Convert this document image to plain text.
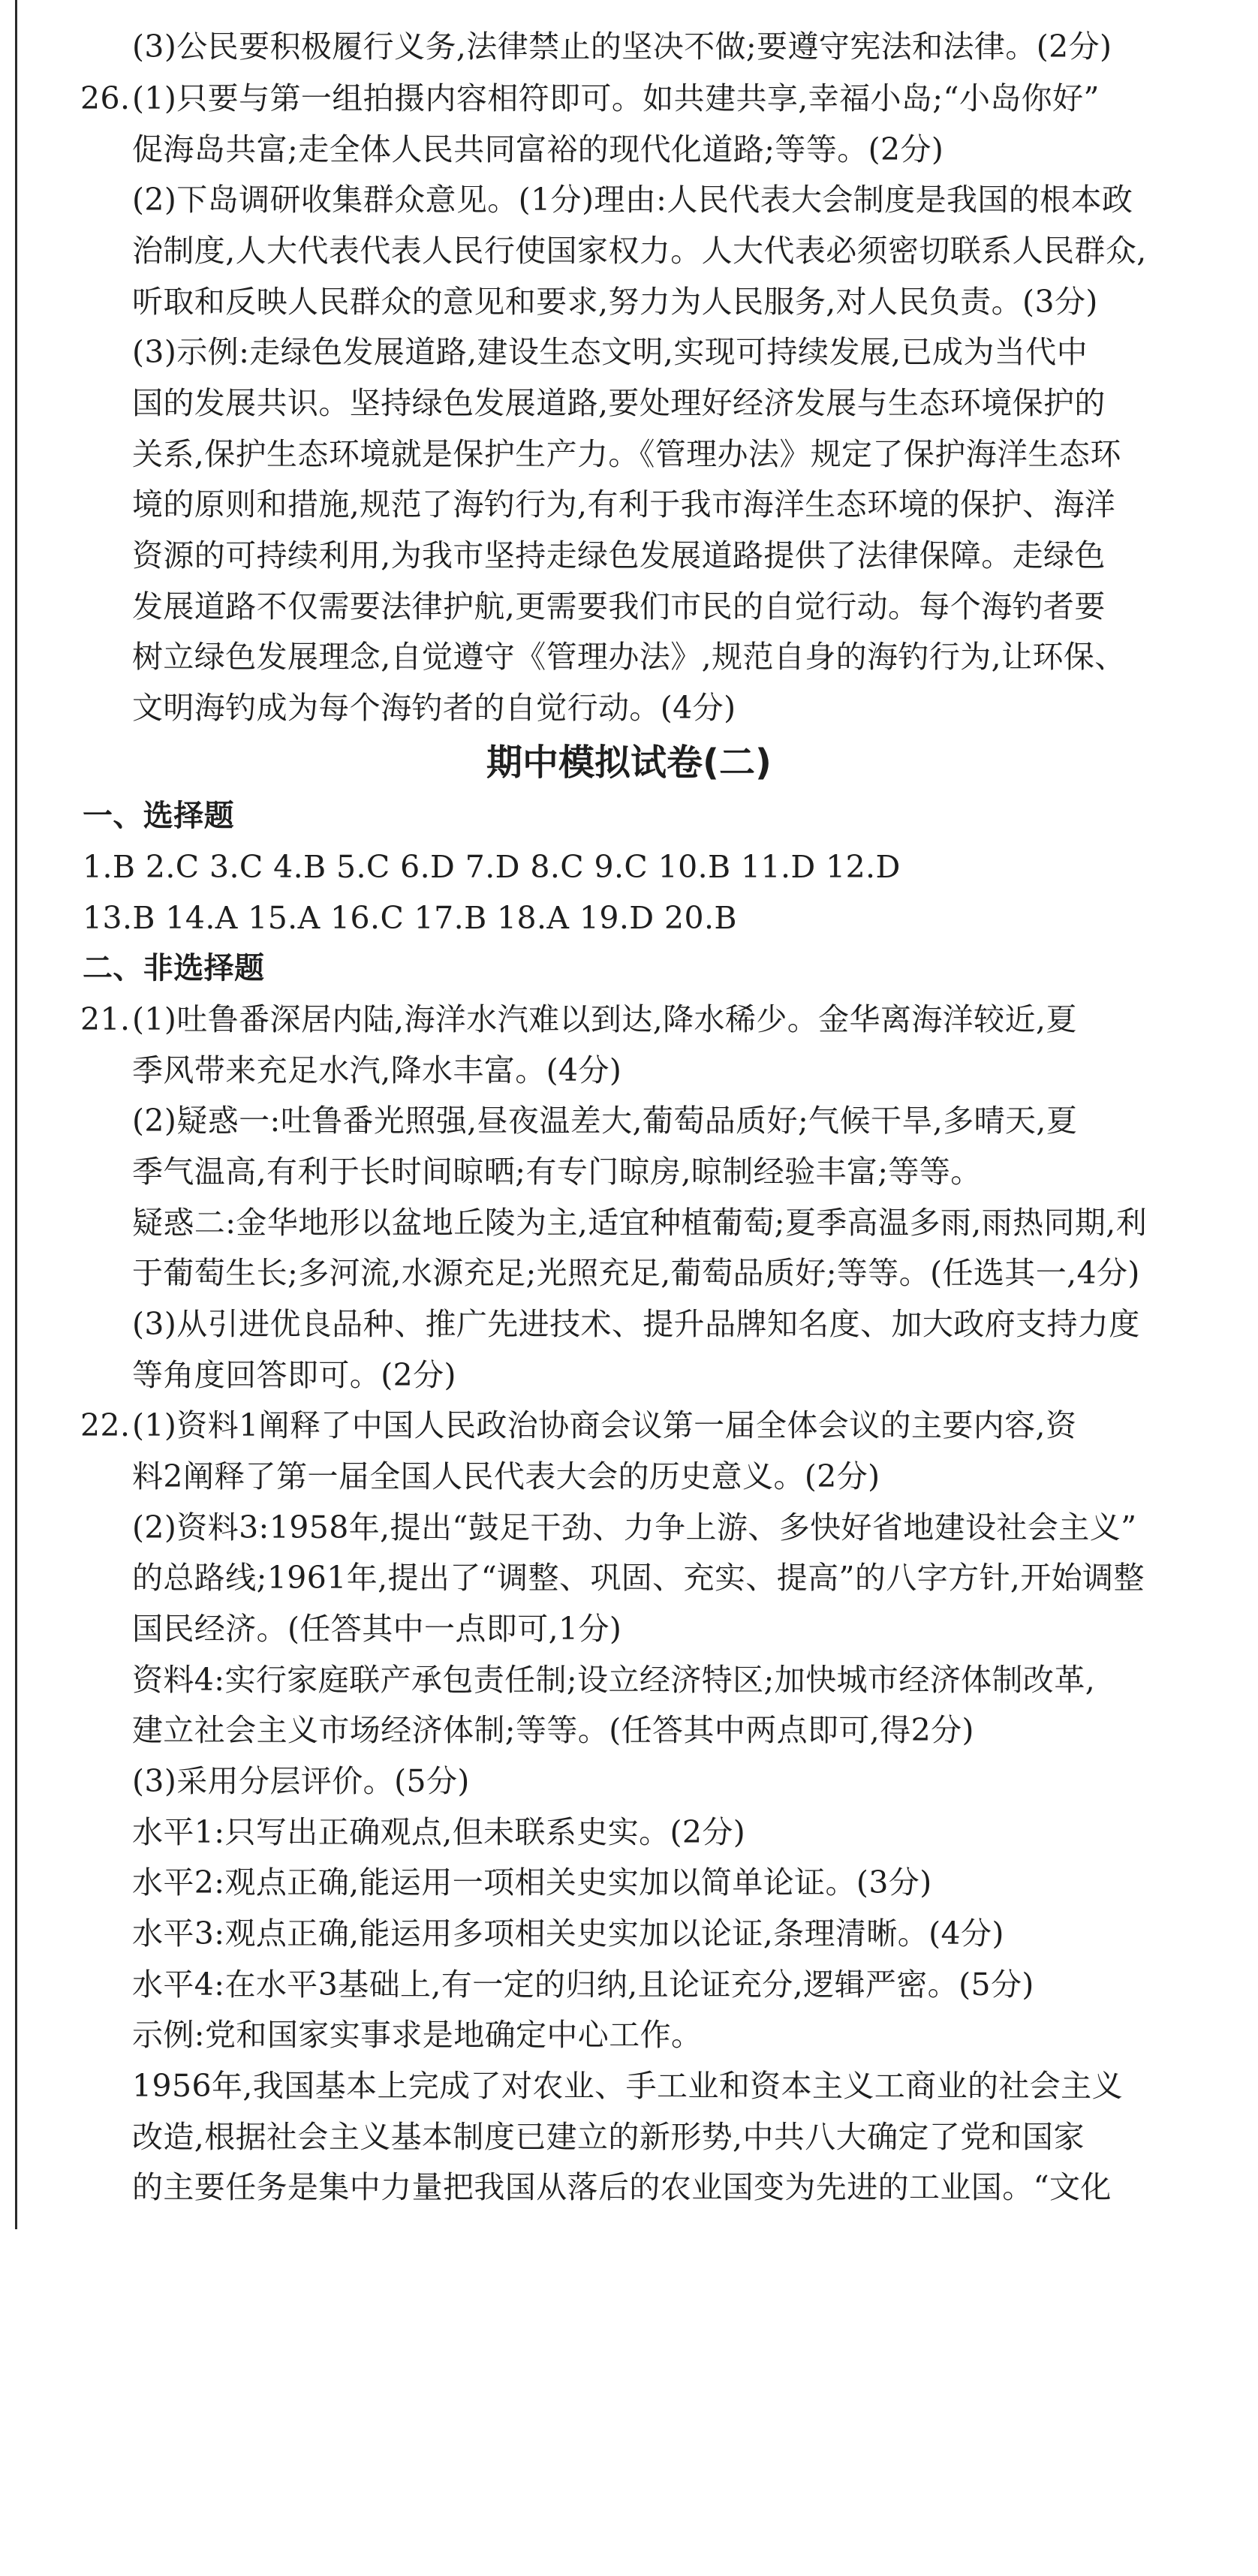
(3)公民要积极履行义务,法律禁止的坚决不做;要遵守宪法和法律。(2分)
26. (1)只要与第一组拍摄内容相符即可。如共建共享,幸福小岛;“小岛你好”
促海岛共富;走全体人民共同富裕的现代化道路;等等。(2分)
(2)下岛调研收集群众意见。(1分)理由:人民代表大会制度是我国的根本政
治制度,人大代表代表人民行使国家权力。人大代表必须密切联系人民群众,
听取和反映人民群众的意见和要求,努力为人民服务,对人民负责。(3分)
(3)示例:走绿色发展道路,建设生态文明,实现可持续发展,已成为当代中
国的发展共识。坚持绿色发展道路,要处理好经济发展与生态环境保护的
关系,保护生态环境就是保护生产力。《管理办法》规定了保护海洋生态环
境的原则和措施,规范了海钓行为,有利于我市海洋生态环境的保护、海洋
资源的可持续利用,为我市坚持走绿色发展道路提供了法律保障。走绿色
发展道路不仅需要法律护航,更需要我们市民的自觉行动。每个海钓者要
树立绿色发展理念,自觉遵守《管理办法》,规范自身的海钓行为,让环保、
文明海钓成为每个海钓者的自觉行动。(4分)
期中模拟试卷(二)
一、选择题
1.B 2.C 3.C 4.B 5.C 6.D 7.D 8.C 9.C 10.B 11.D 12.D
13.B 14.A 15.A 16.C 17.B 18.A 19.D 20.B
二、非选择题
21. (1)吐鲁番深居内陆,海洋水汽难以到达,降水稀少。金华离海洋较近,夏
季风带来充足水汽,降水丰富。(4分)
(2)疑惑一:吐鲁番光照强,昼夜温差大,葡萄品质好;气候干旱,多晴天,夏
季气温高,有利于长时间晾晒;有专门晾房,晾制经验丰富;等等。
疑惑二:金华地形以盆地丘陵为主,适宜种植葡萄;夏季高温多雨,雨热同期,利
于葡萄生长;多河流,水源充足;光照充足,葡萄品质好;等等。(任选其一,4分)
(3)从引进优良品种、推广先进技术、提升品牌知名度、加大政府支持力度
等角度回答即可。(2分)
22. (1)资料1阐释了中国人民政治协商会议第一届全体会议的主要内容,资
料2阐释了第一届全国人民代表大会的历史意义。(2分)
(2)资料3:1958年,提出“鼓足干劲、力争上游、多快好省地建设社会主义”
的总路线;1961年,提出了“调整、巩固、充实、提高”的八字方针,开始调整
国民经济。(任答其中一点即可,1分)
资料4:实行家庭联产承包责任制;设立经济特区;加快城市经济体制改革,
建立社会主义市场经济体制;等等。(任答其中两点即可,得2分)
(3)采用分层评价。(5分)
水平1:只写出正确观点,但未联系史实。(2分)
水平2:观点正确,能运用一项相关史实加以简单论证。(3分)
水平3:观点正确,能运用多项相关史实加以论证,条理清晰。(4分)
水平4:在水平3基础上,有一定的归纳,且论证充分,逻辑严密。(5分)
示例:党和国家实事求是地确定中心工作。
1956年,我国基本上完成了对农业、手工业和资本主义工商业的社会主义
改造,根据社会主义基本制度已建立的新形势,中共八大确定了党和国家
的主要任务是集中力量把我国从落后的农业国变为先进的工业国。“文化
